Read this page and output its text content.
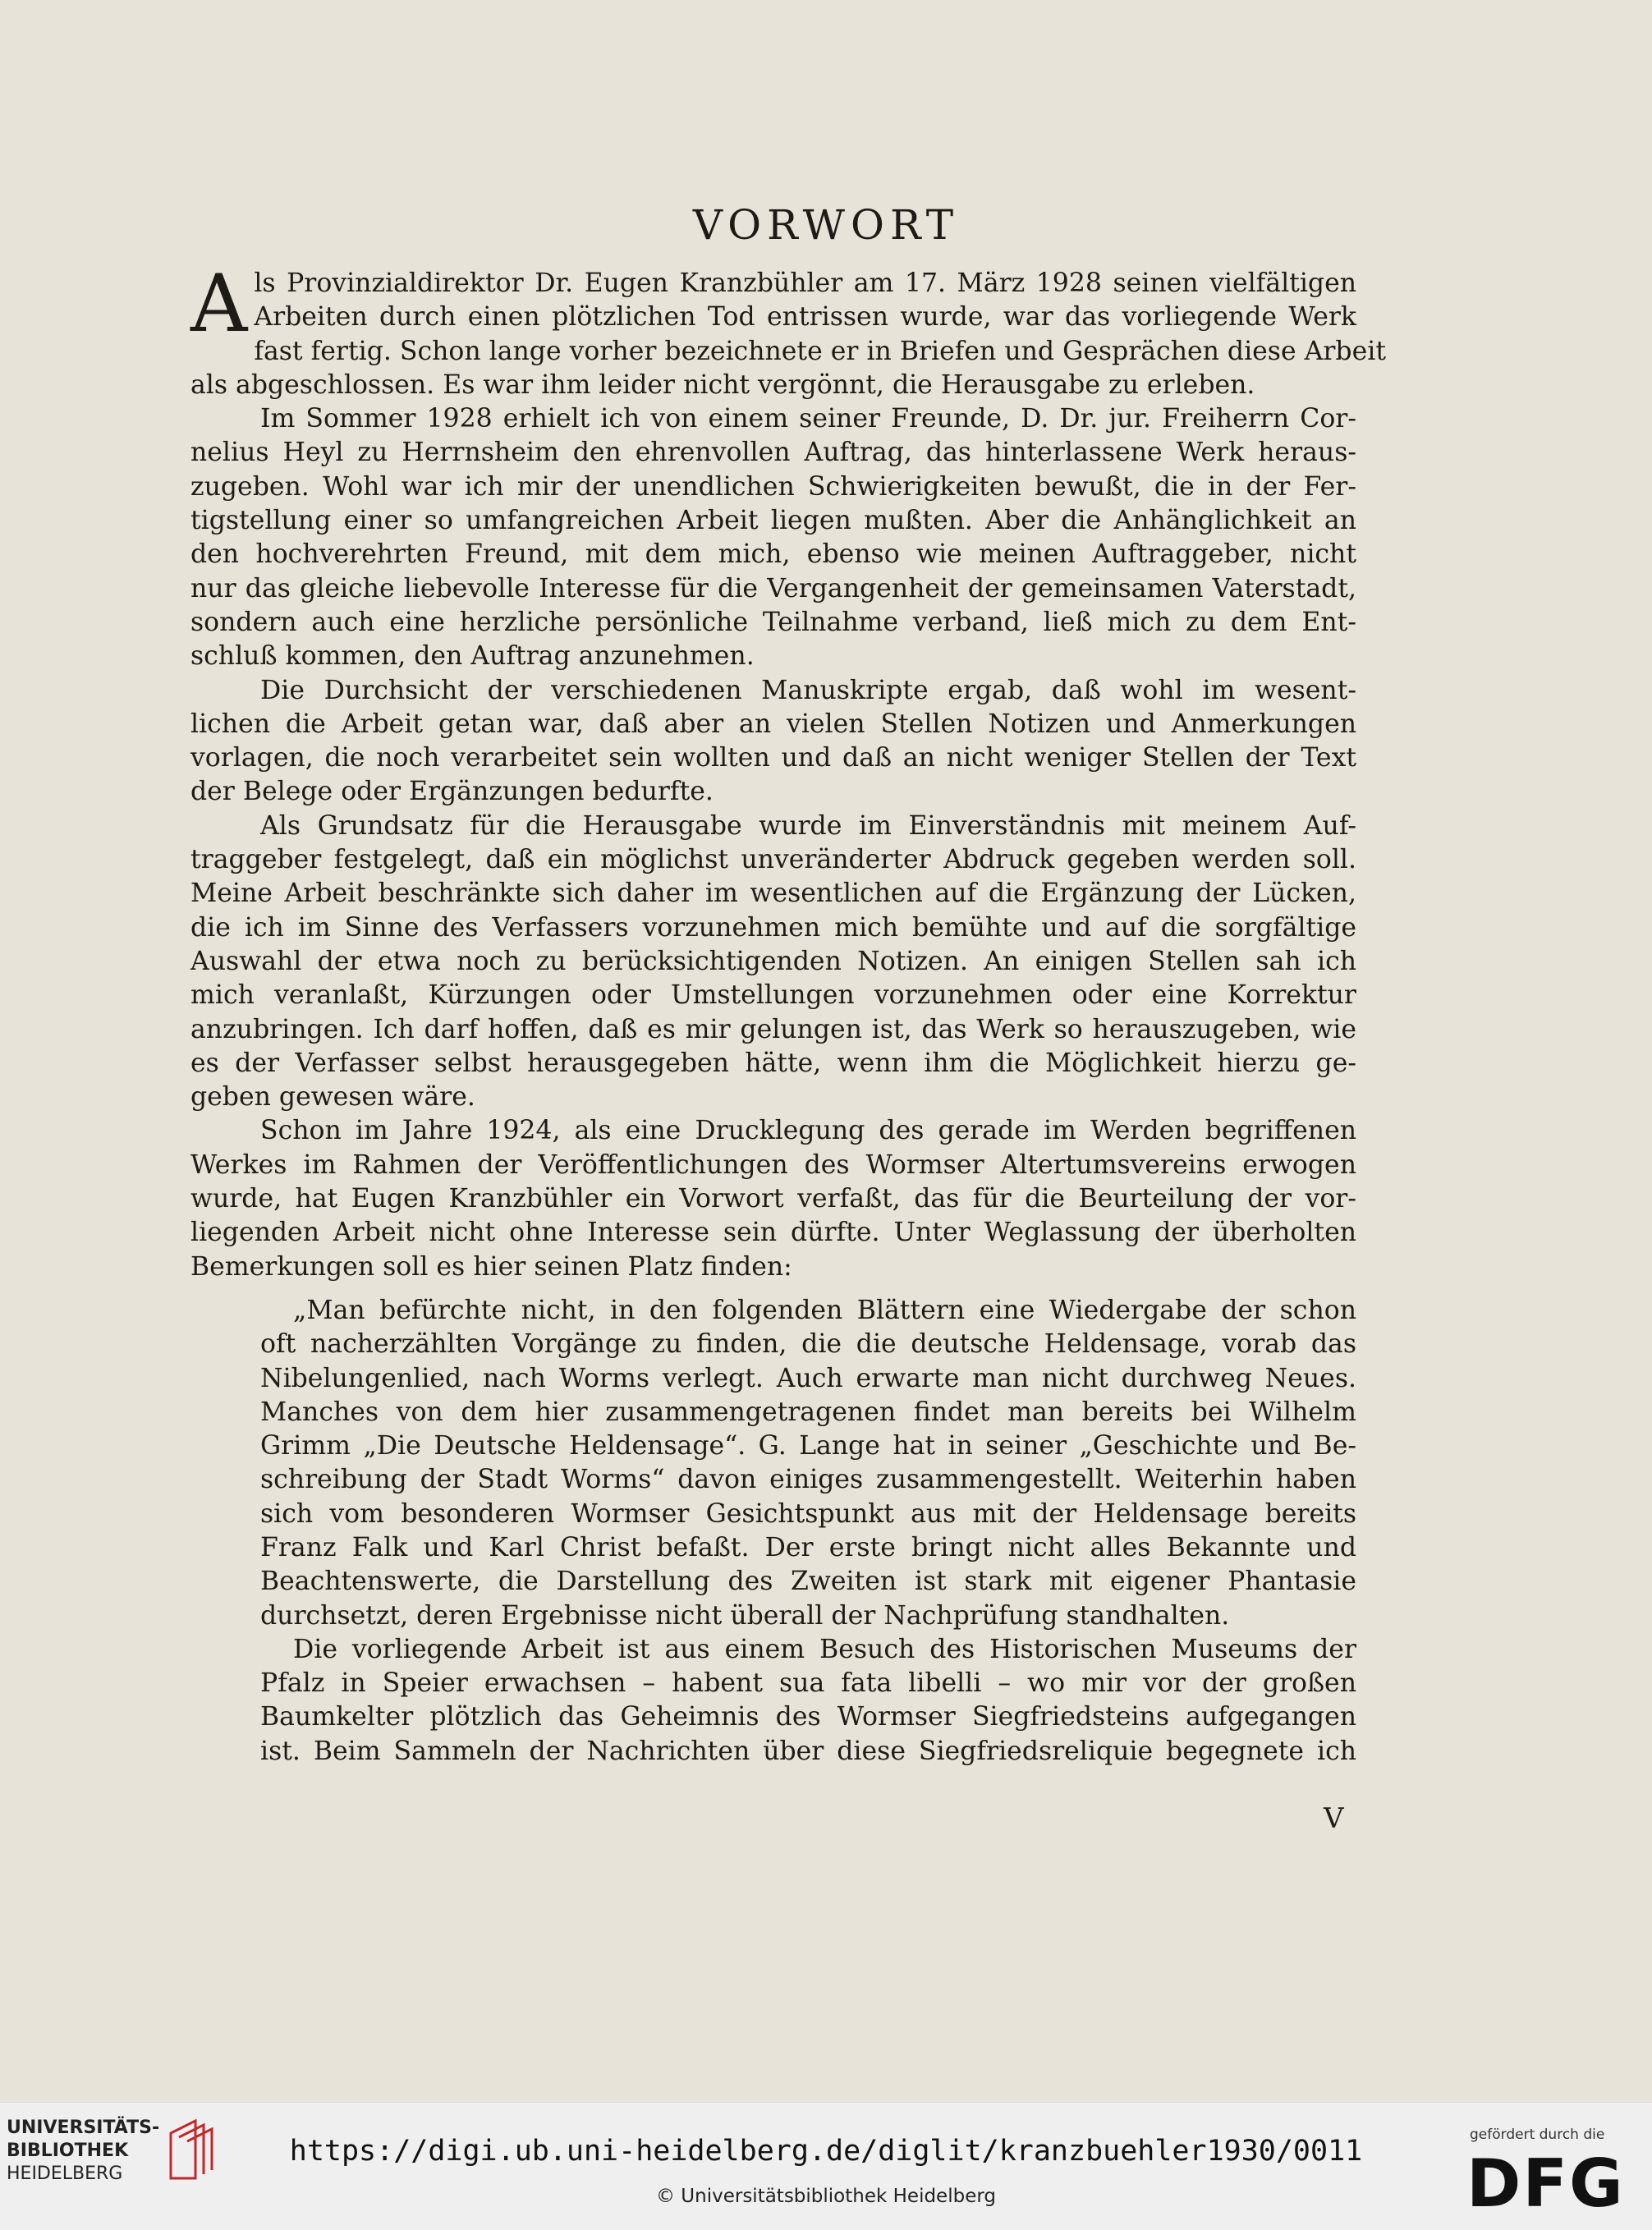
VORWORT
A ls Provinzialdirektor Dr. Eugen Kranzbühler am 17. März 1928 seinen vielfältigen
Arbeiten durch einen plötzlichen Tod entrissen wurde, war das vorliegende Werk
fast fertig. Schon lange vorher bezeichnete er in Briefen und Gesprächen diese Arbeit
als abgeschlossen. Es war ihm leider nicht vergönnt, die Herausgabe zu erleben.
Im Sommer 1928 erhielt ich von einem seiner Freunde, D. Dr. jur. Freiherrn Cor-
nelius Heyl zu Herrnsheim den ehrenvollen Auftrag, das hinterlassene Werk heraus-
zugeben. Wohl war ich mir der unendlichen Schwierigkeiten bewußt, die in der Fer-
tigstellung einer so umfangreichen Arbeit liegen mußten. Aber die Anhänglichkeit an
den hochverehrten Freund, mit dem mich, ebenso wie meinen Auftraggeber, nicht
nur das gleiche liebevolle Interesse für die Vergangenheit der gemeinsamen Vaterstadt,
sondern auch eine herzliche persönliche Teilnahme verband, ließ mich zu dem Ent-
schluß kommen, den Auftrag anzunehmen.
Die Durchsicht der verschiedenen Manuskripte ergab, daß wohl im wesent-
lichen die Arbeit getan war, daß aber an vielen Stellen Notizen und Anmerkungen
vorlagen, die noch verarbeitet sein wollten und daß an nicht weniger Stellen der Text
der Belege oder Ergänzungen bedurfte.
Als Grundsatz für die Herausgabe wurde im Einverständnis mit meinem Auf-
traggeber festgelegt, daß ein möglichst unveränderter Abdruck gegeben werden soll.
Meine Arbeit beschränkte sich daher im wesentlichen auf die Ergänzung der Lücken,
die ich im Sinne des Verfassers vorzunehmen mich bemühte und auf die sorgfältige
Auswahl der etwa noch zu berücksichtigenden Notizen. An einigen Stellen sah ich
mich veranlaßt, Kürzungen oder Umstellungen vorzunehmen oder eine Korrektur
anzubringen. Ich darf hoffen, daß es mir gelungen ist, das Werk so herauszugeben, wie
es der Verfasser selbst herausgegeben hätte, wenn ihm die Möglichkeit hierzu ge-
geben gewesen wäre.
Schon im Jahre 1924, als eine Drucklegung des gerade im Werden begriffenen
Werkes im Rahmen der Veröffentlichungen des Wormser Altertumsvereins erwogen
wurde, hat Eugen Kranzbühler ein Vorwort verfaßt, das für die Beurteilung der vor-
liegenden Arbeit nicht ohne Interesse sein dürfte. Unter Weglassung der überholten
Bemerkungen soll es hier seinen Platz finden:
„Man befürchte nicht, in den folgenden Blättern eine Wiedergabe der schon
oft nacherzählten Vorgänge zu finden, die die deutsche Heldensage, vorab das
Nibelungenlied, nach Worms verlegt. Auch erwarte man nicht durchweg Neues.
Manches von dem hier zusammengetragenen findet man bereits bei Wilhelm
Grimm „Die Deutsche Heldensage“. G. Lange hat in seiner „Geschichte und Be-
schreibung der Stadt Worms“ davon einiges zusammengestellt. Weiterhin haben
sich vom besonderen Wormser Gesichtspunkt aus mit der Heldensage bereits
Franz Falk und Karl Christ befaßt. Der erste bringt nicht alles Bekannte und
Beachtenswerte, die Darstellung des Zweiten ist stark mit eigener Phantasie
durchsetzt, deren Ergebnisse nicht überall der Nachprüfung standhalten.
Die vorliegende Arbeit ist aus einem Besuch des Historischen Museums der
Pfalz in Speier erwachsen – habent sua fata libelli – wo mir vor der großen
Baumkelter plötzlich das Geheimnis des Wormser Siegfriedsteins aufgegangen
ist. Beim Sammeln der Nachrichten über diese Siegfriedsreliquie begegnete ich
V
UNIVERSITÄTS-
BIBLIOTHEK
HEIDELBERG
https://digi.ub.uni-heidelberg.de/diglit/kranzbuehler1930/0011
© Universitätsbibliothek Heidelberg
gefördert durch die
DFG
